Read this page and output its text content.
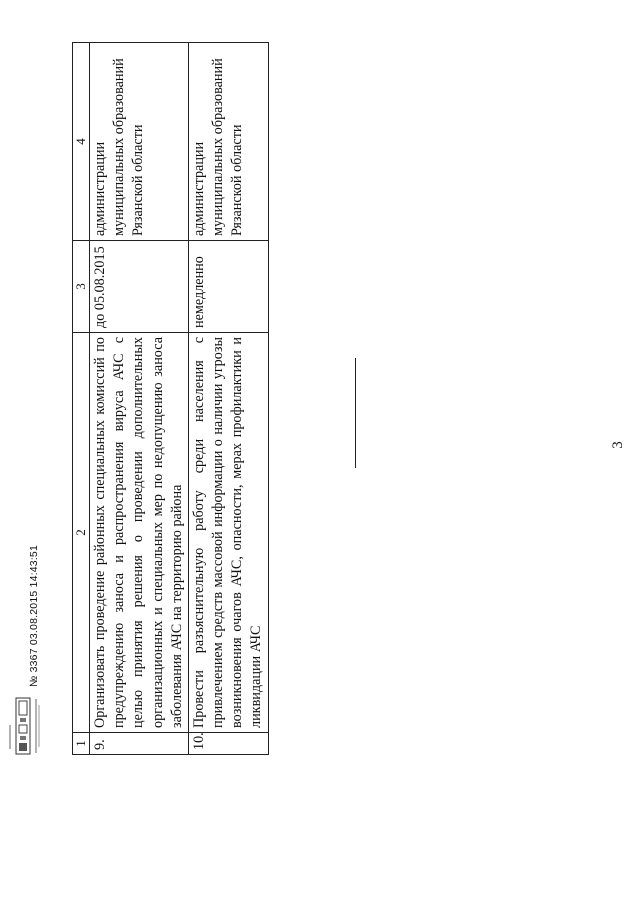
3
1	2	3	4
9.	Организовать проведение районных специальных комиссий по предупреждению заноса и распространения вируса АЧС с целью принятия решения о проведении дополнительных организационных и специальных мер по недопущению заноса заболевания АЧС на территорию района	до 05.08.2015	администрации муниципальных образований Рязанской области
10.	Провести разъяснительную работу среди населения с привлечением средств массовой информации о наличии угрозы возникновения очагов АЧС, опасности, мерах профилактики и ликвидации АЧС	немедленно	администрации муниципальных образований Рязанской области
№ 3367 03.08.2015 14:43:51
